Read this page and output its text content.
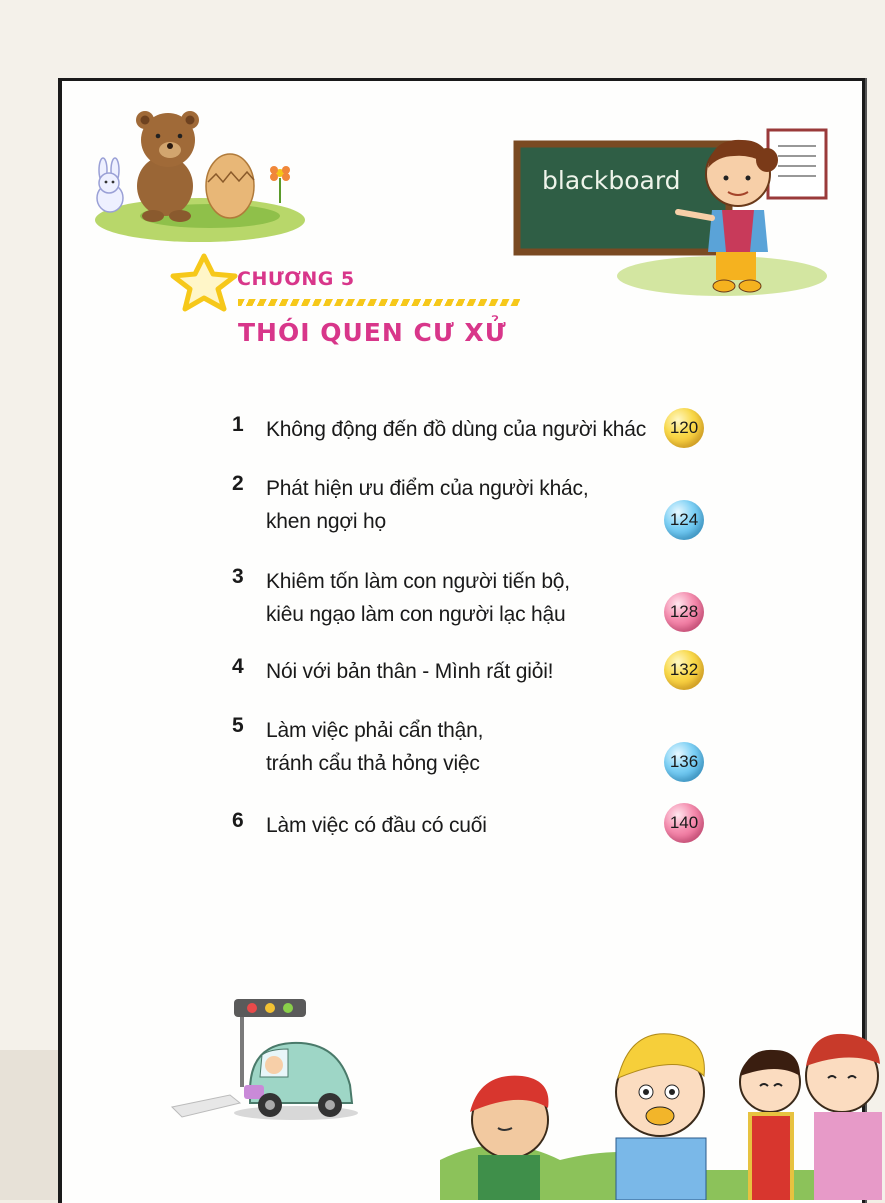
blackboard
CHƯƠNG 5
THÓI QUEN CƯ XỬ
1 Không động đến đồ dùng của người khác	120
2 Phát hiện ưu điểm của người khác,
khen ngợi họ	124
3 Khiêm tốn làm con người tiến bộ,
kiêu ngạo làm con người lạc hậu	128
4 Nói với bản thân - Mình rất giỏi!	132
5 Làm việc phải cẩn thận,
tránh cẩu thả hỏng việc	136
6 Làm việc có đầu có cuối	140
